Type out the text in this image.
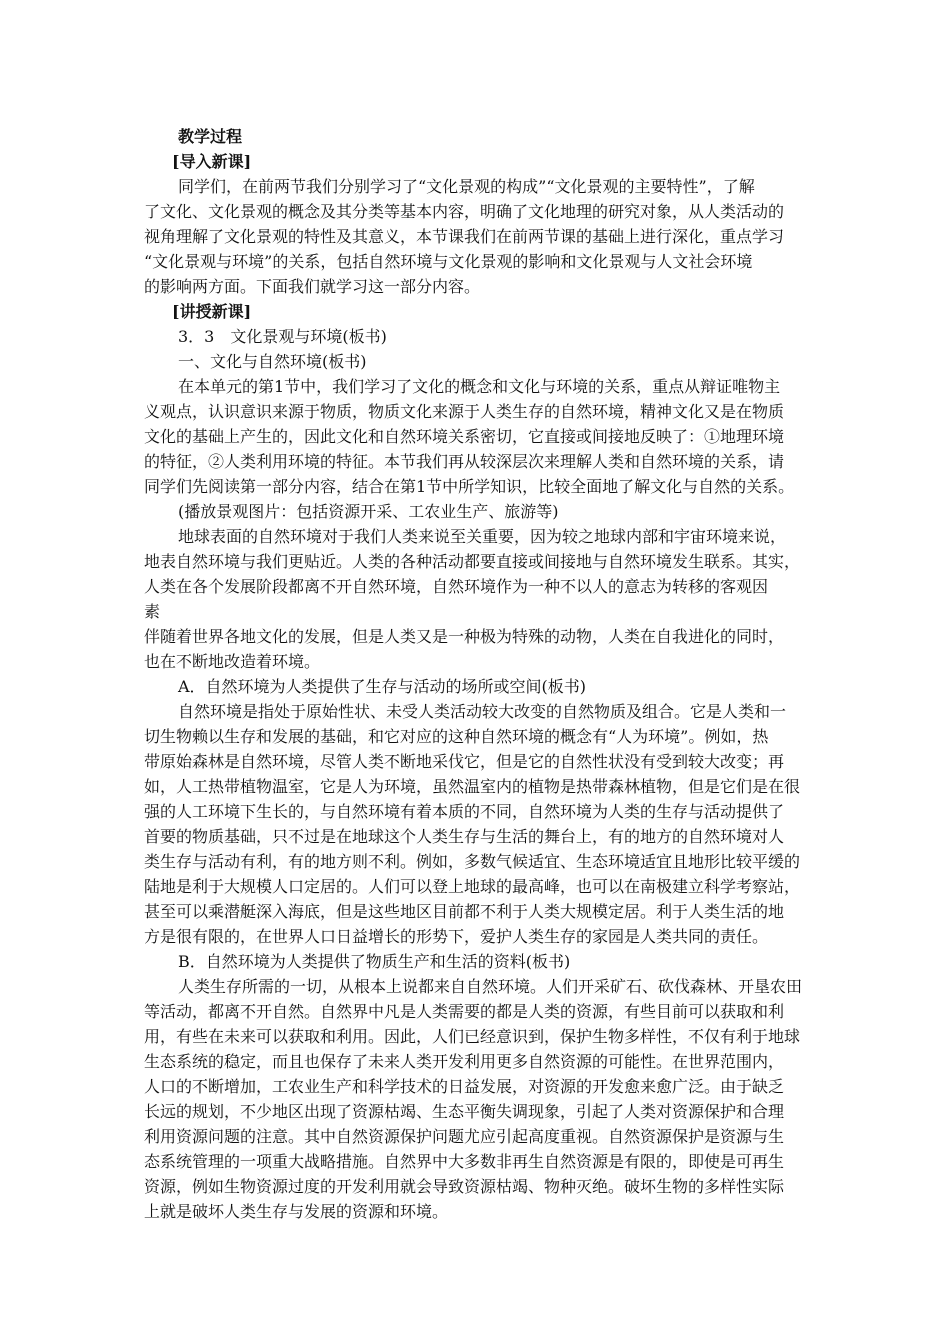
教学过程

[导入新课]

同学们，在前两节我们分别学习了“文化景观的构成”“文化景观的主要特性”，了解

了文化、文化景观的概念及其分类等基本内容，明确了文化地理的研究对象，从人类活动的

视角理解了文化景观的特性及其意义，本节课我们在前两节课的基础上进行深化，重点学习

“文化景观与环境”的关系，包括自然环境与文化景观的影响和文化景观与人文社会环境

的影响两方面。下面我们就学习这一部分内容。

[讲授新课]

3．3　文化景观与环境(板书)

一、文化与自然环境(板书)

在本单元的第1节中，我们学习了文化的概念和文化与环境的关系，重点从辩证唯物主

义观点，认识意识来源于物质，物质文化来源于人类生存的自然环境，精神文化又是在物质

文化的基础上产生的，因此文化和自然环境关系密切，它直接或间接地反映了：①地理环境

的特征，②人类利用环境的特征。本节我们再从较深层次来理解人类和自然环境的关系，请

同学们先阅读第一部分内容，结合在第1节中所学知识，比较全面地了解文化与自然的关系。

(播放景观图片：包括资源开采、工农业生产、旅游等)

地球表面的自然环境对于我们人类来说至关重要，因为较之地球内部和宇宙环境来说，

地表自然环境与我们更贴近。人类的各种活动都要直接或间接地与自然环境发生联系。其实，

人类在各个发展阶段都离不开自然环境，自然环境作为一种不以人的意志为转移的客观因

素

伴随着世界各地文化的发展，但是人类又是一种极为特殊的动物，人类在自我进化的同时，

也在不断地改造着环境。

A．自然环境为人类提供了生存与活动的场所或空间(板书)

自然环境是指处于原始性状、未受人类活动较大改变的自然物质及组合。它是人类和一

切生物赖以生存和发展的基础，和它对应的这种自然环境的概念有“人为环境”。例如，热

带原始森林是自然环境，尽管人类不断地采伐它，但是它的自然性状没有受到较大改变；再

如，人工热带植物温室，它是人为环境，虽然温室内的植物是热带森林植物，但是它们是在很

强的人工环境下生长的，与自然环境有着本质的不同，自然环境为人类的生存与活动提供了

首要的物质基础，只不过是在地球这个人类生存与生活的舞台上，有的地方的自然环境对人

类生存与活动有利，有的地方则不利。例如，多数气候适宜、生态环境适宜且地形比较平缓的

陆地是利于大规模人口定居的。人们可以登上地球的最高峰，也可以在南极建立科学考察站，

甚至可以乘潜艇深入海底，但是这些地区目前都不利于人类大规模定居。利于人类生活的地

方是很有限的，在世界人口日益增长的形势下，爱护人类生存的家园是人类共同的责任。

B．自然环境为人类提供了物质生产和生活的资料(板书)

人类生存所需的一切，从根本上说都来自自然环境。人们开采矿石、砍伐森林、开垦农田

等活动，都离不开自然。自然界中凡是人类需要的都是人类的资源，有些目前可以获取和利

用，有些在未来可以获取和利用。因此，人们已经意识到，保护生物多样性，不仅有利于地球

生态系统的稳定，而且也保存了未来人类开发利用更多自然资源的可能性。在世界范围内，

人口的不断增加，工农业生产和科学技术的日益发展，对资源的开发愈来愈广泛。由于缺乏

长远的规划，不少地区出现了资源枯竭、生态平衡失调现象，引起了人类对资源保护和合理

利用资源问题的注意。其中自然资源保护问题尤应引起高度重视。自然资源保护是资源与生

态系统管理的一项重大战略措施。自然界中大多数非再生自然资源是有限的，即使是可再生

资源，例如生物资源过度的开发利用就会导致资源枯竭、物种灭绝。破坏生物的多样性实际

上就是破坏人类生存与发展的资源和环境。
